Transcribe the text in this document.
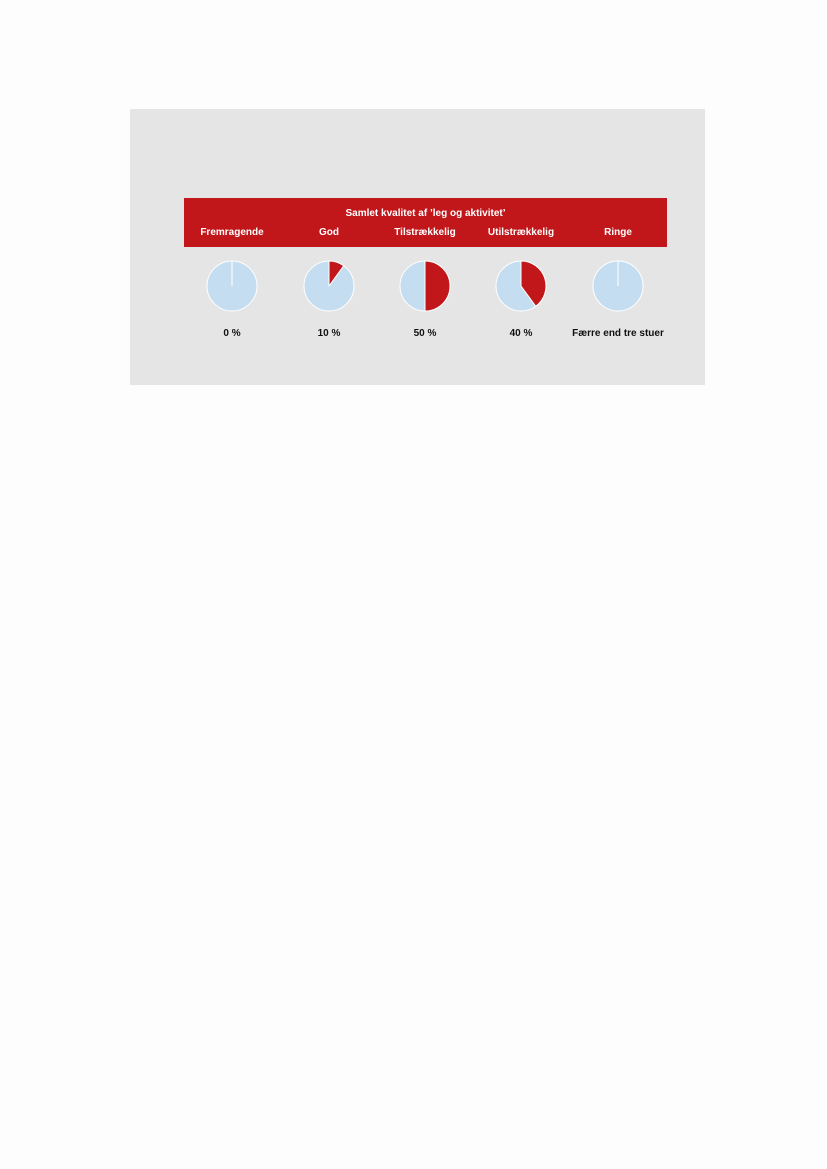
Samlet kvalitet af ’leg og aktivitet’
Fremragende	God	Tilstrækkelig	Utilstrækkelig	Ringe
0 %	10 %	50 %	40 %	Færre end tre stuer
